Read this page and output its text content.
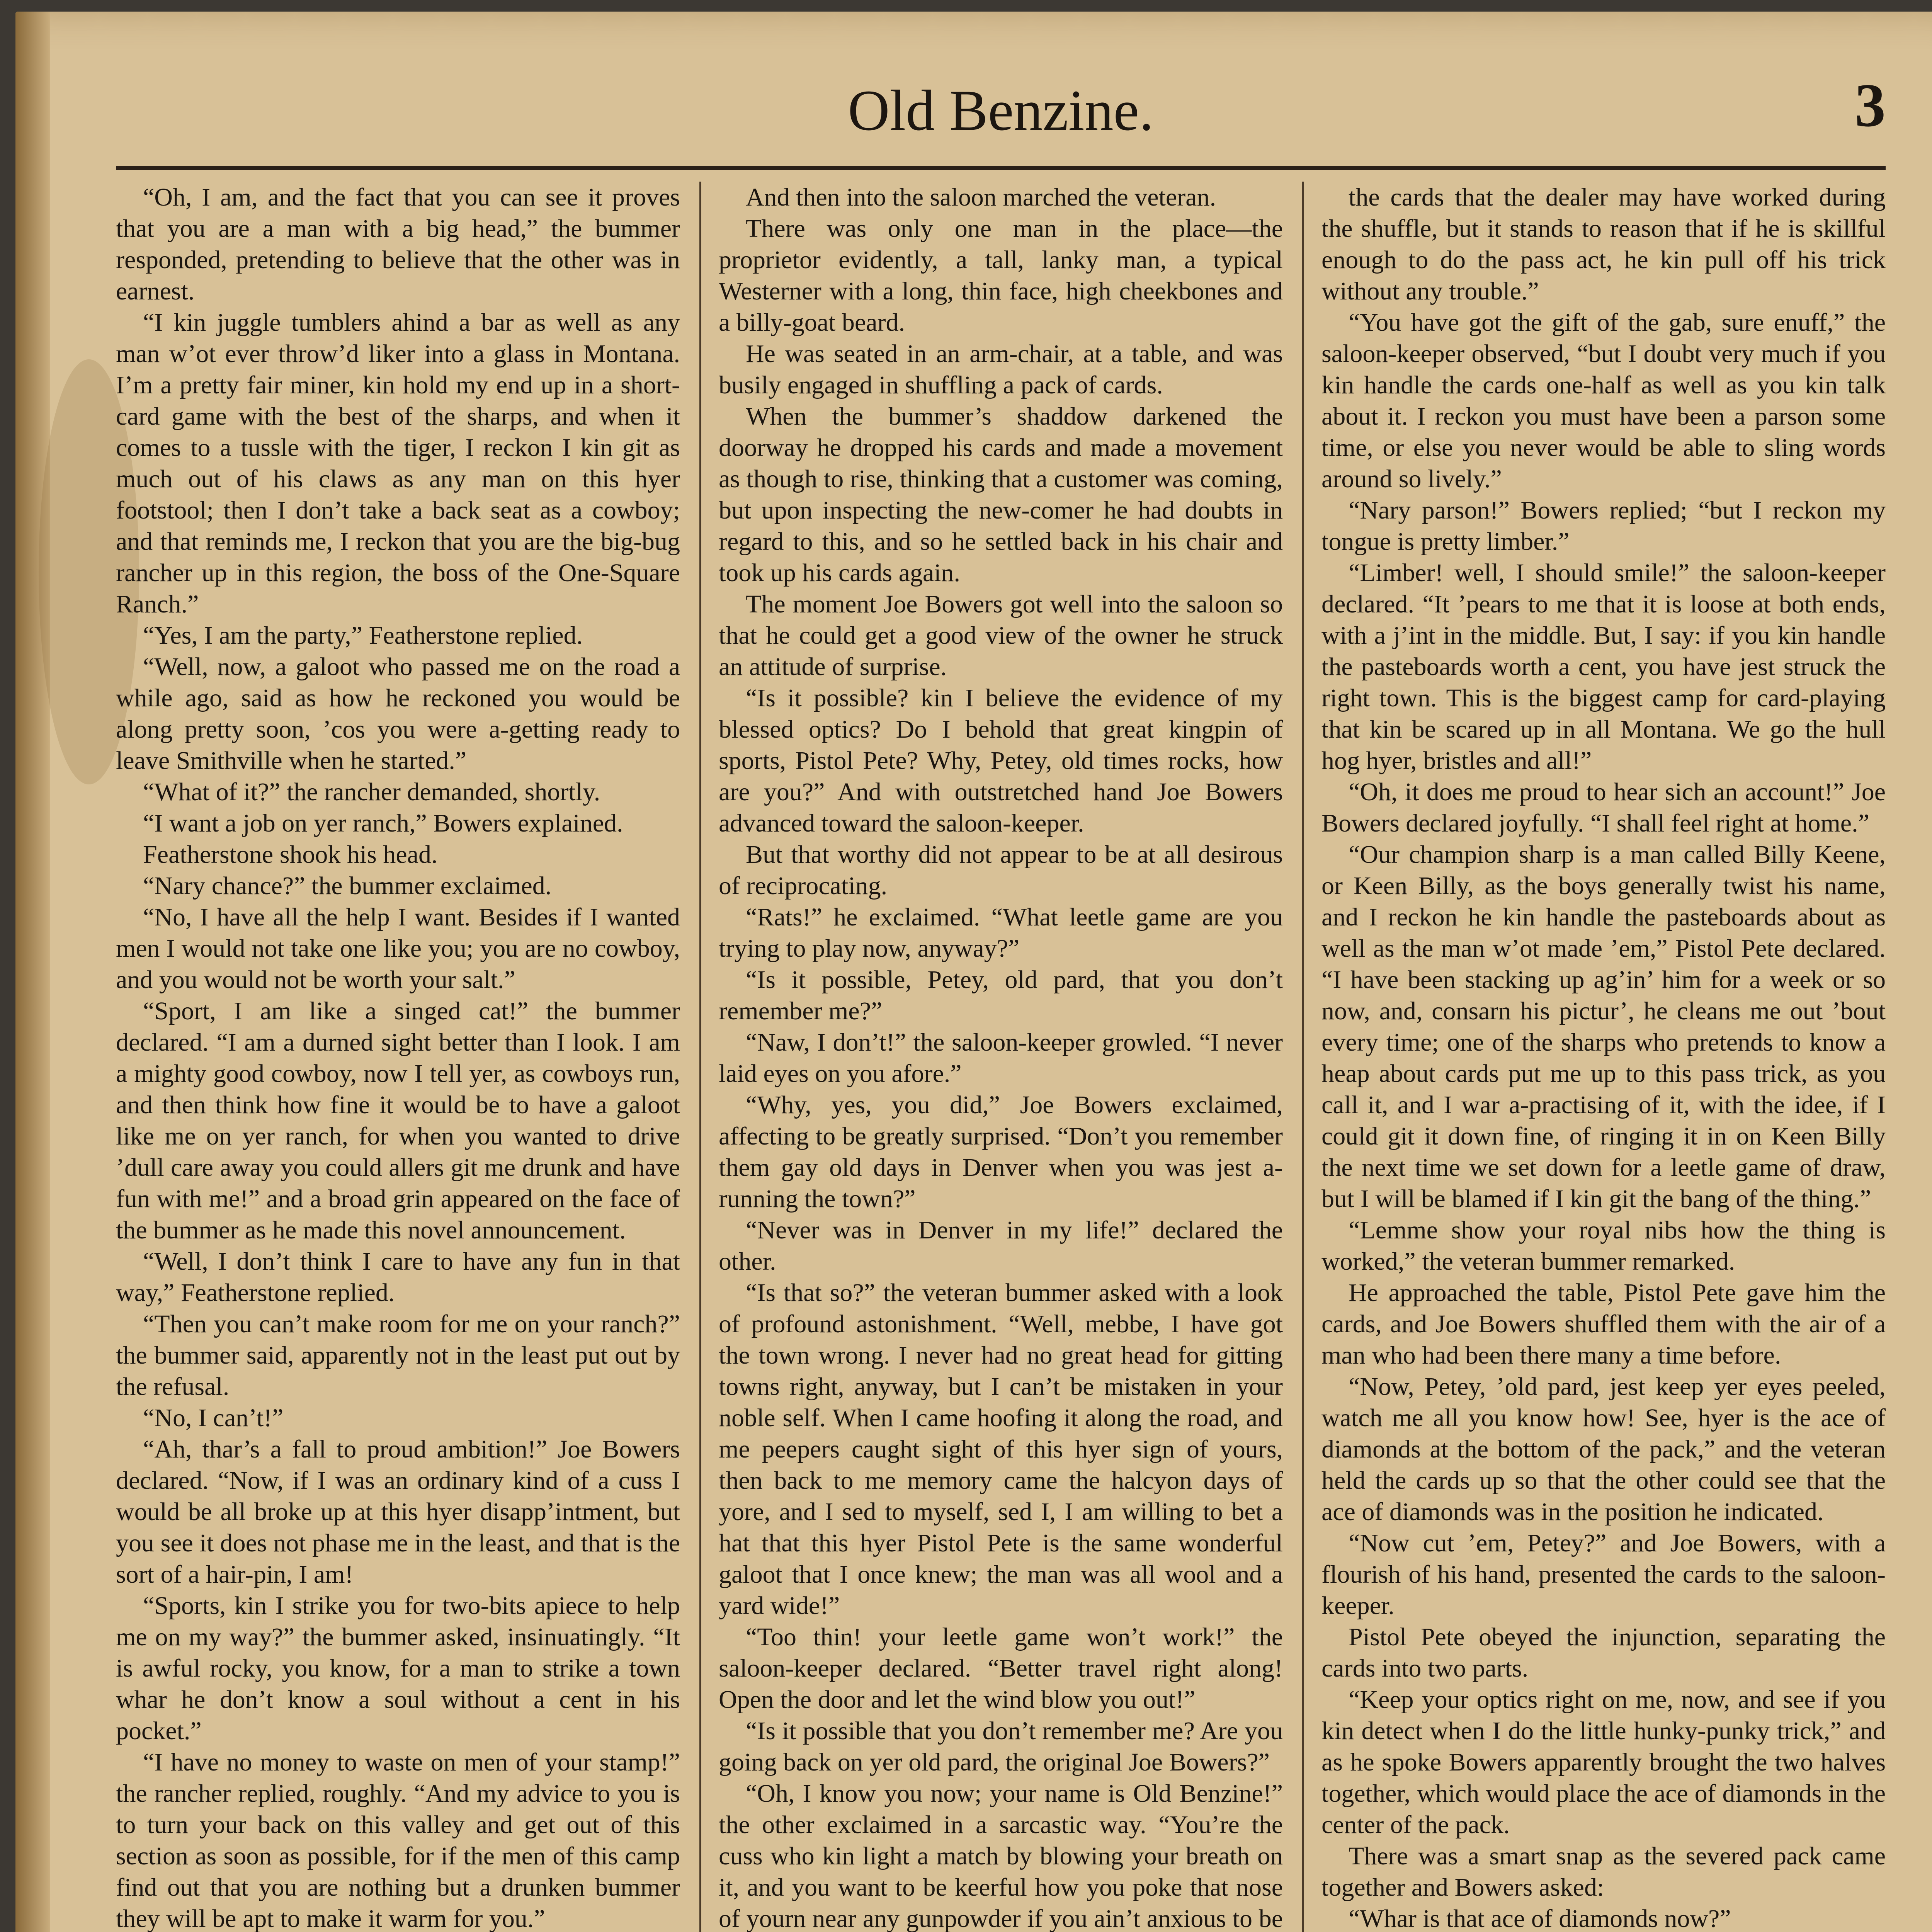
Old Benzine.	3

“Oh, I am, and the fact that you can see it proves that you are a man with a big head,” the bummer responded, pretending to believe that the other was in earnest.

“I kin juggle tumblers ahind a bar as well as any man w’ot ever throw’d liker into a glass in Montana. I’m a pretty fair miner, kin hold my end up in a short-card game with the best of the sharps, and when it comes to a tussle with the tiger, I reckon I kin git as much out of his claws as any man on this hyer footstool; then I don’t take a back seat as a cowboy; and that reminds me, I reckon that you are the big-bug rancher up in this region, the boss of the One-Square Ranch.”

“Yes, I am the party,” Featherstone replied.

“Well, now, a galoot who passed me on the road a while ago, said as how he reckoned you would be along pretty soon, ’cos you were a-getting ready to leave Smithville when he started.”

“What of it?” the rancher demanded, shortly.

“I want a job on yer ranch,” Bowers explained.

Featherstone shook his head.

“Nary chance?” the bummer exclaimed.

“No, I have all the help I want. Besides if I wanted men I would not take one like you; you are no cowboy, and you would not be worth your salt.”

“Sport, I am like a singed cat!” the bummer declared. “I am a durned sight better than I look. I am a mighty good cowboy, now I tell yer, as cowboys run, and then think how fine it would be to have a galoot like me on yer ranch, for when you wanted to drive ’dull care away you could allers git me drunk and have fun with me!” and a broad grin appeared on the face of the bummer as he made this novel announcement.

“Well, I don’t think I care to have any fun in that way,” Featherstone replied.

“Then you can’t make room for me on your ranch?” the bummer said, apparently not in the least put out by the refusal.

“No, I can’t!”

“Ah, thar’s a fall to proud ambition!” Joe Bowers declared. “Now, if I was an ordinary kind of a cuss I would be all broke up at this hyer disapp’intment, but you see it does not phase me in the least, and that is the sort of a hair-pin, I am!

“Sports, kin I strike you for two-bits apiece to help me on my way?” the bummer asked, insinuatingly. “It is awful rocky, you know, for a man to strike a town whar he don’t know a soul without a cent in his pocket.”

“I have no money to waste on men of your stamp!” the rancher replied, roughly. “And my advice to you is to turn your back on this valley and get out of this section as soon as possible, for if the men of this camp find out that you are nothing but a drunken bummer they will be apt to make it warm for you.”

And then into the saloon marched the veteran.

There was only one man in the place—the proprietor evidently, a tall, lanky man, a typical Westerner with a long, thin face, high cheekbones and a billy-goat beard.

He was seated in an arm-chair, at a table, and was busily engaged in shuffling a pack of cards.

When the bummer’s shaddow darkened the doorway he dropped his cards and made a movement as though to rise, thinking that a customer was coming, but upon inspecting the new-comer he had doubts in regard to this, and so he settled back in his chair and took up his cards again.

The moment Joe Bowers got well into the saloon so that he could get a good view of the owner he struck an attitude of surprise.

“Is it possible? kin I believe the evidence of my blessed optics? Do I behold that great kingpin of sports, Pistol Pete? Why, Petey, old times rocks, how are you?” And with outstretched hand Joe Bowers advanced toward the saloon-keeper.

But that worthy did not appear to be at all desirous of reciprocating.

“Rats!” he exclaimed. “What leetle game are you trying to play now, anyway?”

“Is it possible, Petey, old pard, that you don’t remember me?”

“Naw, I don’t!” the saloon-keeper growled. “I never laid eyes on you afore.”

“Why, yes, you did,” Joe Bowers exclaimed, affecting to be greatly surprised. “Don’t you remember them gay old days in Denver when you was jest a-running the town?”

“Never was in Denver in my life!” declared the other.

“Is that so?” the veteran bummer asked with a look of profound astonishment. “Well, mebbe, I have got the town wrong. I never had no great head for gitting towns right, anyway, but I can’t be mistaken in your noble self. When I came hoofing it along the road, and me peepers caught sight of this hyer sign of yours, then back to me memory came the halcyon days of yore, and I sed to myself, sed I, I am willing to bet a hat that this hyer Pistol Pete is the same wonderful galoot that I once knew; the man was all wool and a yard wide!”

“Too thin! your leetle game won’t work!” the saloon-keeper declared. “Better travel right along! Open the door and let the wind blow you out!”

“Is it possible that you don’t remember me? Are you going back on yer old pard, the original Joe Bowers?”

“Oh, I know you now; your name is Old Benzine!” the other exclaimed in a sarcastic way. “You’re the cuss who kin light a match by blowing your breath on it, and you want to be keerful how you poke that nose of yourn near any gunpowder if you ain’t anxious to be

the cards that the dealer may have worked during the shuffle, but it stands to reason that if he is skillful enough to do the pass act, he kin pull off his trick without any trouble.”

“You have got the gift of the gab, sure enuff,” the saloon-keeper observed, “but I doubt very much if you kin handle the cards one-half as well as you kin talk about it. I reckon you must have been a parson some time, or else you never would be able to sling words around so lively.”

“Nary parson!” Bowers replied; “but I reckon my tongue is pretty limber.”

“Limber! well, I should smile!” the saloon-keeper declared. “It ’pears to me that it is loose at both ends, with a j’int in the middle. But, I say: if you kin handle the pasteboards worth a cent, you have jest struck the right town. This is the biggest camp for card-playing that kin be scared up in all Montana. We go the hull hog hyer, bristles and all!”

“Oh, it does me proud to hear sich an account!” Joe Bowers declared joyfully. “I shall feel right at home.”

“Our champion sharp is a man called Billy Keene, or Keen Billy, as the boys generally twist his name, and I reckon he kin handle the pasteboards about as well as the man w’ot made ’em,” Pistol Pete declared. “I have been stacking up ag’in’ him for a week or so now, and, consarn his pictur’, he cleans me out ’bout every time; one of the sharps who pretends to know a heap about cards put me up to this pass trick, as you call it, and I war a-practising of it, with the idee, if I could git it down fine, of ringing it in on Keen Billy the next time we set down for a leetle game of draw, but I will be blamed if I kin git the bang of the thing.”

“Lemme show your royal nibs how the thing is worked,” the veteran bummer remarked.

He approached the table, Pistol Pete gave him the cards, and Joe Bowers shuffled them with the air of a man who had been there many a time before.

“Now, Petey, ’old pard, jest keep yer eyes peeled, watch me all you know how! See, hyer is the ace of diamonds at the bottom of the pack,” and the veteran held the cards up so that the other could see that the ace of diamonds was in the position he indicated.

“Now cut ’em, Petey?” and Joe Bowers, with a flourish of his hand, presented the cards to the saloon-keeper.

Pistol Pete obeyed the injunction, separating the cards into two parts.

“Keep your optics right on me, now, and see if you kin detect when I do the little hunky-punky trick,” and as he spoke Bowers apparently brought the two halves together, which would place the ace of diamonds in the center of the pack.

There was a smart snap as the severed pack came together and Bowers asked:

“Whar is that ace of diamonds now?”
